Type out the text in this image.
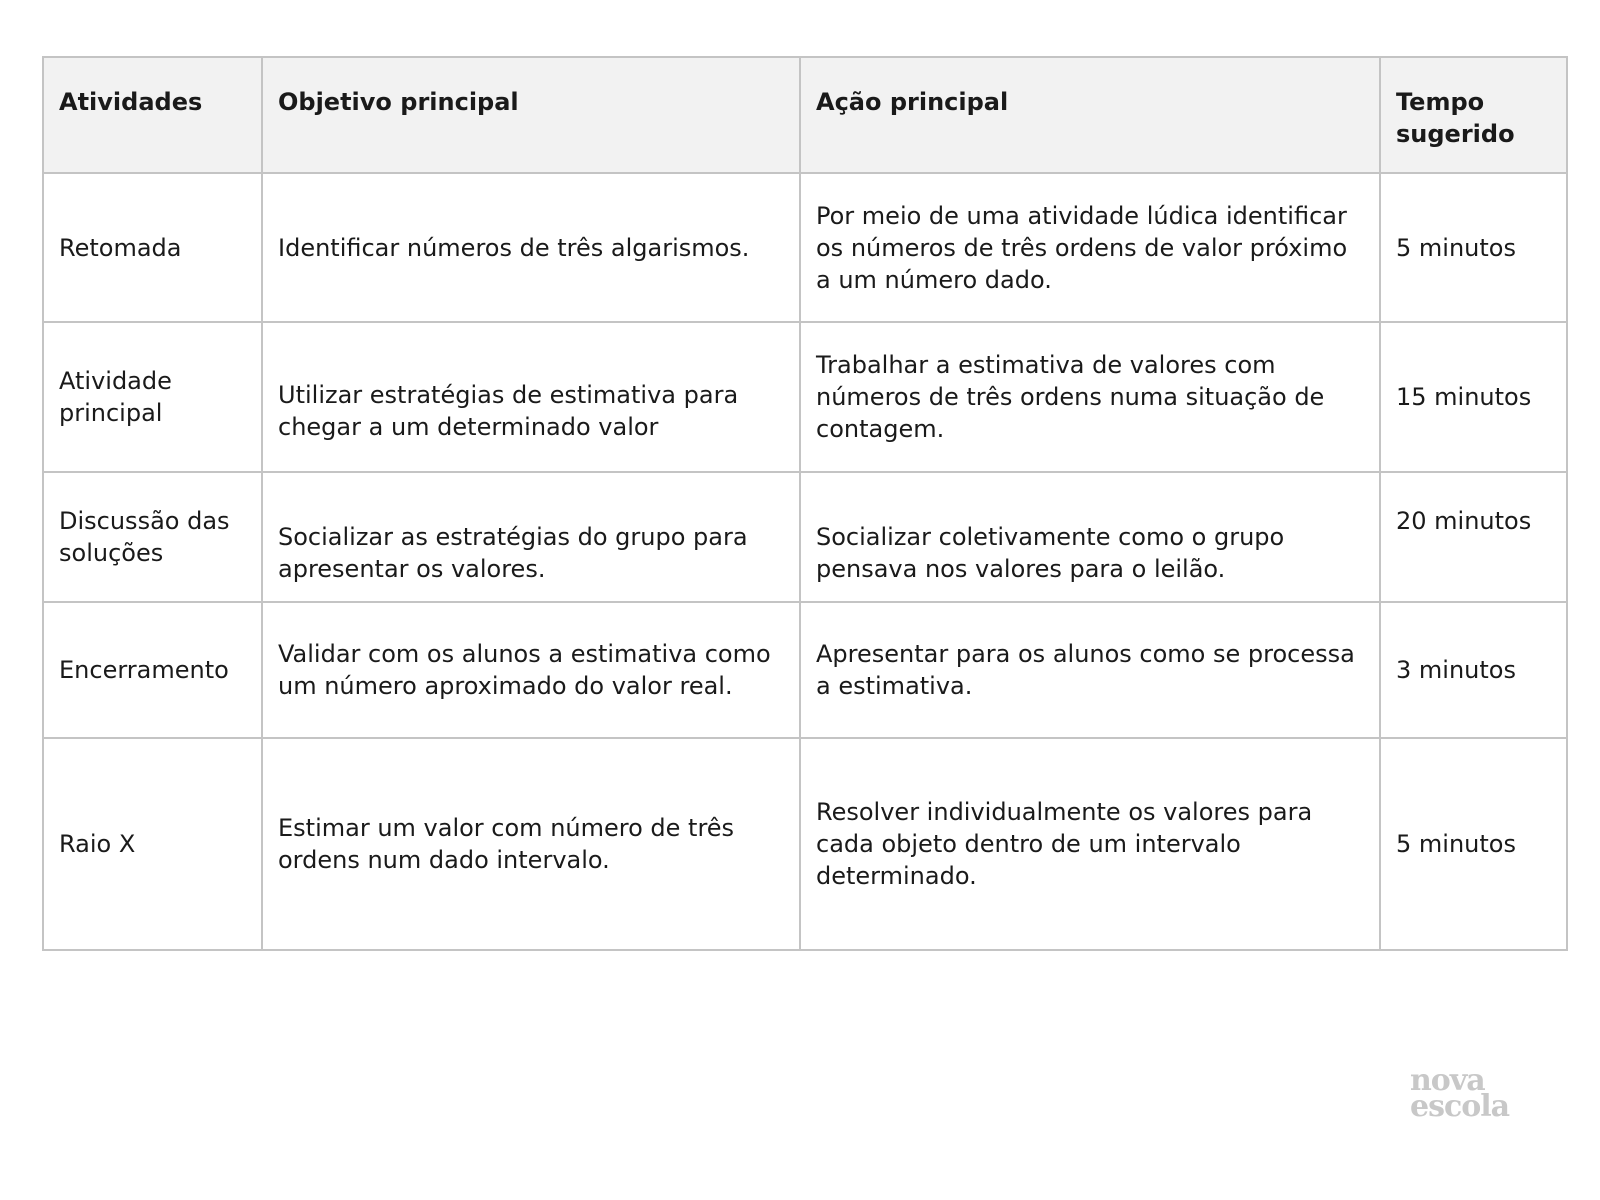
Atividades	Objetivo principal	Ação principal	Tempo sugerido
Retomada	Identificar números de três algarismos.	Por meio de uma atividade lúdica identificar os números de três ordens de valor próximo a um número dado.	5 minutos
Atividade principal	Utilizar estratégias de estimativa para chegar a um determinado valor	Trabalhar a estimativa de valores com números de três ordens numa situação de contagem.	15 minutos
Discussão das soluções	Socializar as estratégias do grupo para apresentar os valores.	Socializar coletivamente como o grupo pensava nos valores para o leilão.	20 minutos
Encerramento	Validar com os alunos a estimativa como um número aproximado do valor real.	Apresentar para os alunos como se processa a estimativa.	3 minutos
Raio X	Estimar um valor com número de três ordens num dado intervalo.	Resolver individualmente os valores para cada objeto dentro de um intervalo determinado.	5 minutos
nova
escola
